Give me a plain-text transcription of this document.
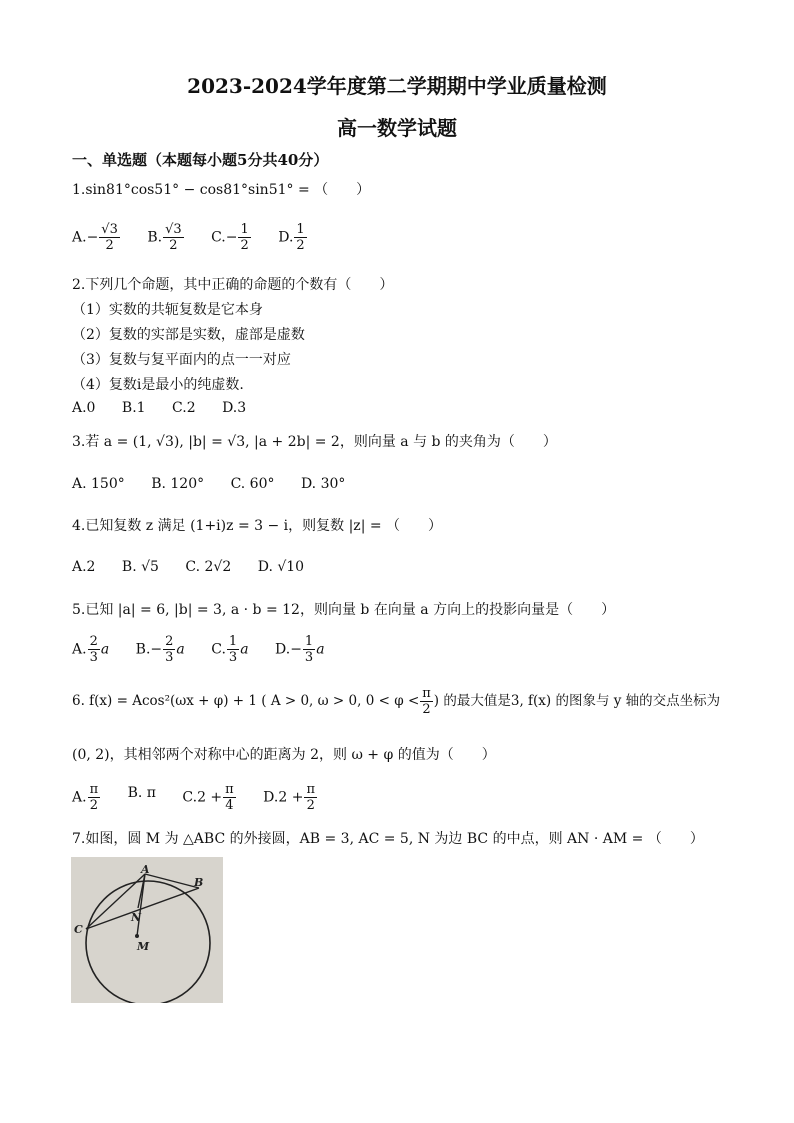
2023-2024学年度第二学期期中学业质量检测
高一数学试题
一、单选题（本题每小题5分共40分）
1.sin81°cos51° − cos81°sin51° = （　　）
$A.- \frac{√3}{2} B$. $\frac{√3}{2} C.- \frac{1}{2} D$. $\frac{1}{2}$
2.下列几个命题，其中正确的命题的个数有（　　）
（1）实数的共轭复数是它本身
（2）复数的实部是实数，虚部是虚数
（3）复数与复平面内的点一一对应
（4）复数i是最小的纯虚数.
A.0 B.1 C.2 D.3
3.若 a = (1, √3), |b| = √3, |a + 2b| = 2，则向量 a 与 b 的夹角为（　　）
A. 150° B. 120° C. 60° D. 30°
4.已知复数 z 满足 (1+i)z = 3 − i，则复数 |z| = （　　）
A.2 B. √5 C. 2√2 D. √10
5.已知 |a| = 6, |b| = 3, a · b = 12，则向量 b 在向量 a 方向上的投影向量是（　　）
A. $\frac{2}{3}$ a $B.- \frac{2}{3}$ a C. $\frac{1}{3}$ a $D.- \frac{1}{3}$ a
6. f(x) = Acos²(ωx + φ) + 1 ( A > 0, ω > 0, $0 < \varphi < \frac{\pi}{2}$ ) 的最大值是3, f(x) 的图象与 y 轴的交点坐标为
(0, 2)，其相邻两个对称中心的距离为 2，则 ω + φ 的值为（　　）
A. $\frac{\pi}{2} B$. π $C.2 + \frac{\pi}{4} D.2 + \frac{\pi}{2}$
7.如图，圆 M 为 △ABC 的外接圆，AB = 3, AC = 5, N 为边 BC 的中点，则 AN · AM = （　　）
A
B
C
N
M
